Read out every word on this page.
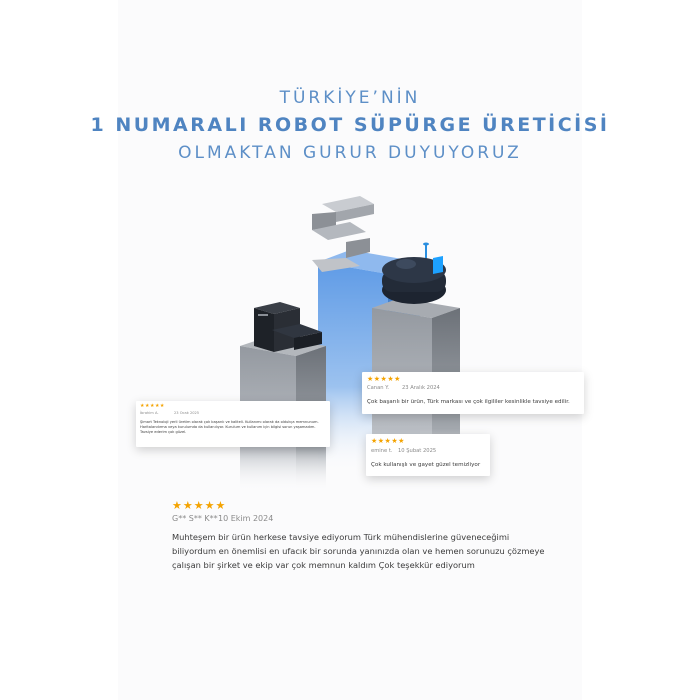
TÜRKİYE’NİN
1 NUMARALI ROBOT SÜPÜRGE ÜRETİCİSİ
OLMAKTAN GURUR DUYUYORUZ
★★★★★
Canan Y.	23 Aralık 2024
Çok başarılı bir ürün, Türk markası ve çok ilgililer kesinlikle tavsiye edilir.
★★★★★
emine t. 10 Şubat 2025
Çok kullanışlı ve gayet güzel temizliyor
★★★★★
İbrahim A.	23 Ocak 2025
Şimart Teknoloji yerli üretim olarak çok başarılı ve kaliteli. Kullanımı olarak da oldukça memnunum. Haritalandırma veya kurulumda da kullanılıyor. Kurulum ve kullanım için bilgisi sorun yaşamadım. Tavsiye ederim çok güzel.
★★★★★
G** S** K** 10 Ekim 2024
Muhteşem bir ürün herkese tavsiye ediyorum Türk mühendislerine güveneceğimi biliyordum en önemlisi en ufacık bir sorunda yanınızda olan ve hemen sorunuzu çözmeye çalışan bir şirket ve ekip var çok memnun kaldım Çok teşekkür ediyorum
